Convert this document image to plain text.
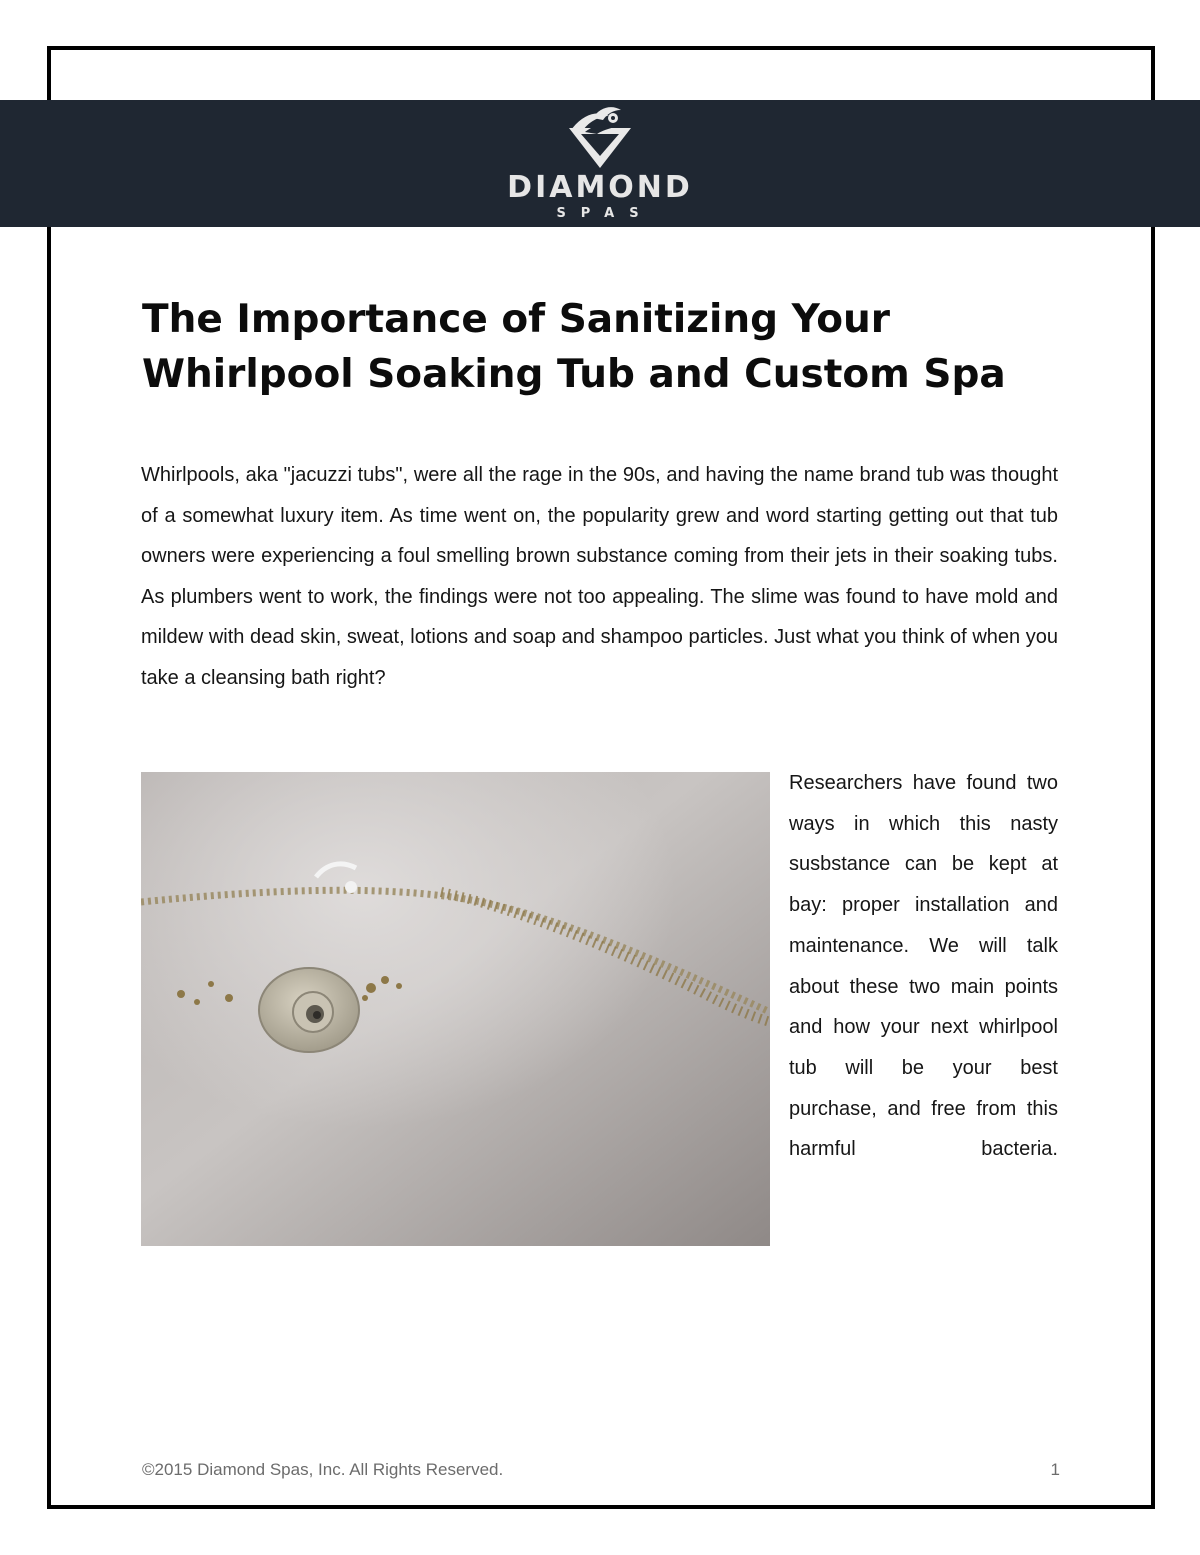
DIAMOND
SPAS
The Importance of Sanitizing Your Whirlpool Soaking Tub and Custom Spa

Whirlpools, aka "jacuzzi tubs", were all the rage in the 90s, and having the name brand tub was thought of a somewhat luxury item. As time went on, the popularity grew and word starting getting out that tub owners were experiencing a foul smelling brown substance coming from their jets in their soaking tubs. As plumbers went to work, the findings were not too appealing. The slime was found to have mold and mildew with dead skin, sweat, lotions and soap and shampoo particles. Just what you think of when you take a cleansing bath right?

Researchers have found two ways in which this nasty susbstance can be kept at bay: proper installation and maintenance. We will talk about these two main points and how your next whirlpool tub will be your best purchase, and free from this harmful bacteria.

©2015 Diamond Spas, Inc. All Rights Reserved.	1
